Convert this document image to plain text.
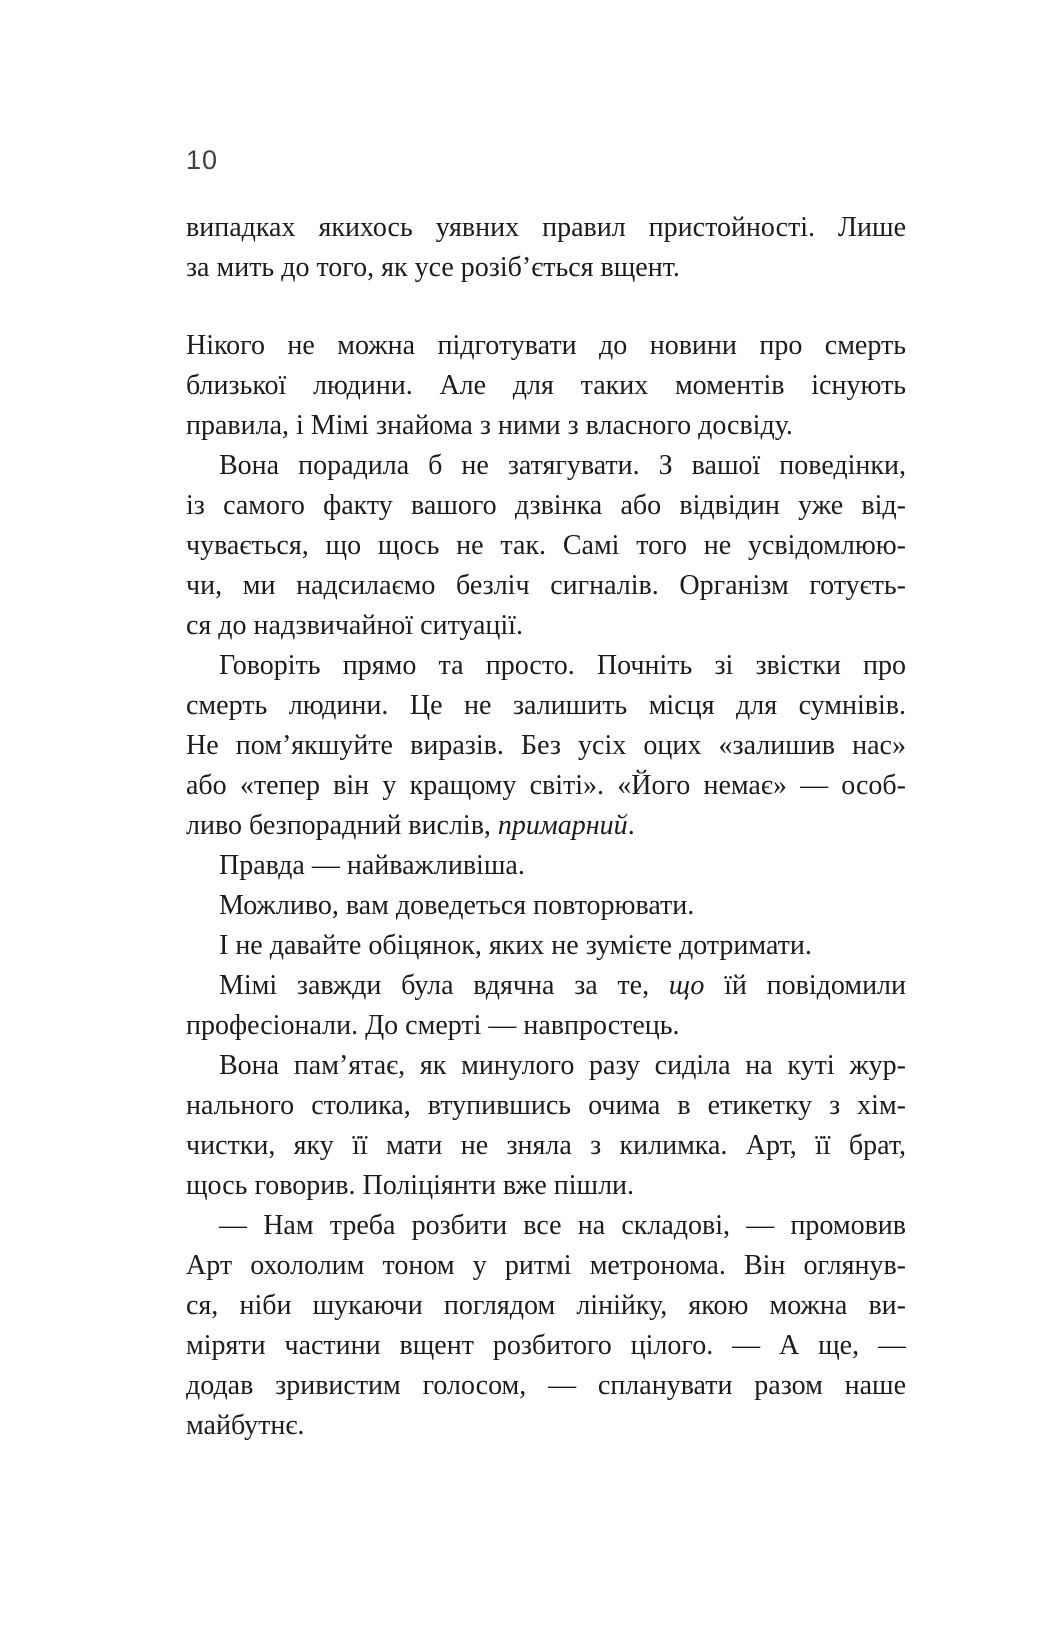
10
випадках якихось уявних правил пристойності. Лише
за мить до того, як усе розіб’ється вщент.
Нікого не можна підготувати до новини про смерть
близької людини. Але для таких моментів існують
правила, і Мімі знайома з ними з власного досвіду.
Вона порадила б не затягувати. З вашої поведінки,
із самого факту вашого дзвінка або відвідин уже від-
чувається, що щось не так. Самі того не усвідомлюю-
чи, ми надсилаємо безліч сигналів. Організм готуєть-
ся до надзвичайної ситуації.
Говоріть прямо та просто. Почніть зі звістки про
смерть людини. Це не залишить місця для сумнівів.
Не пом’якшуйте виразів. Без усіх оцих «залишив нас»
або «тепер він у кращому світі». «Його немає» — особ-
ливо безпорадний вислів, примарний.
Правда — найважливіша.
Можливо, вам доведеться повторювати.
І не давайте обіцянок, яких не зумієте дотримати.
Мімі завжди була вдячна за те, що їй повідомили
професіонали. До смерті — навпростець.
Вона пам’ятає, як минулого разу сиділа на куті жур-
нального столика, втупившись очима в етикетку з хім-
чистки, яку її мати не зняла з килимка. Арт, її брат,
щось говорив. Поліціянти вже пішли.
— Нам треба розбити все на складові, — промовив
Арт охололим тоном у ритмі метронома. Він оглянув-
ся, ніби шукаючи поглядом лінійку, якою можна ви-
міряти частини вщент розбитого цілого. — А ще, —
додав зривистим голосом, — спланувати разом наше
майбутнє.
